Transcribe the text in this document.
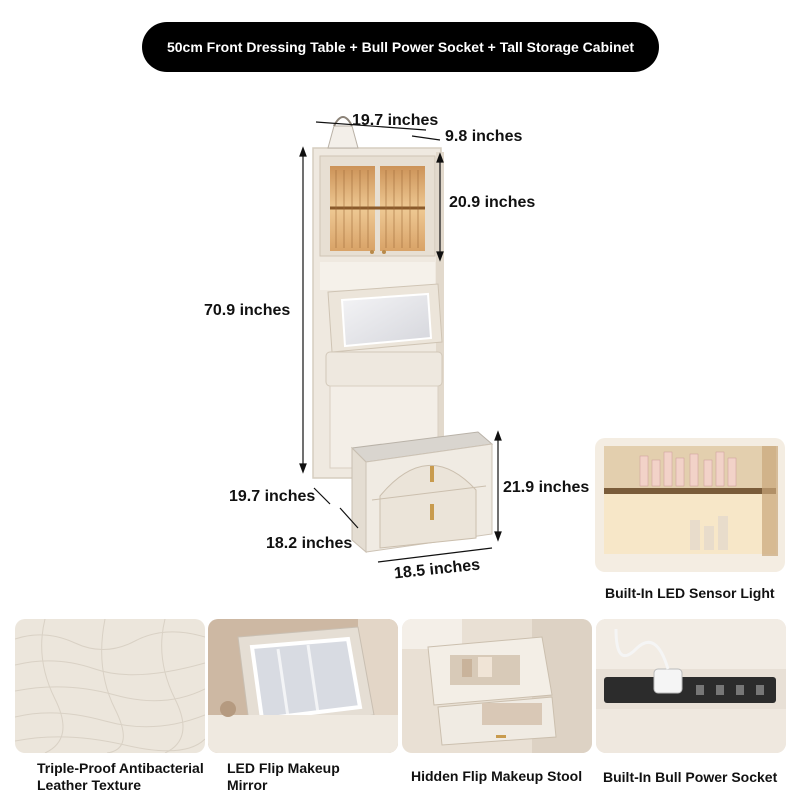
50cm Front Dressing Table + Bull Power Socket + Tall Storage Cabinet
19.7 inches
9.8 inches
20.9 inches
70.9 inches
19.7 inches
18.2 inches
18.5 inches
21.9 inches
Built-In LED Sensor Light
Triple-Proof Antibacterial Leather Texture
LED Flip Makeup Mirror
Hidden Flip Makeup Stool Built-In Bull Power Socket
